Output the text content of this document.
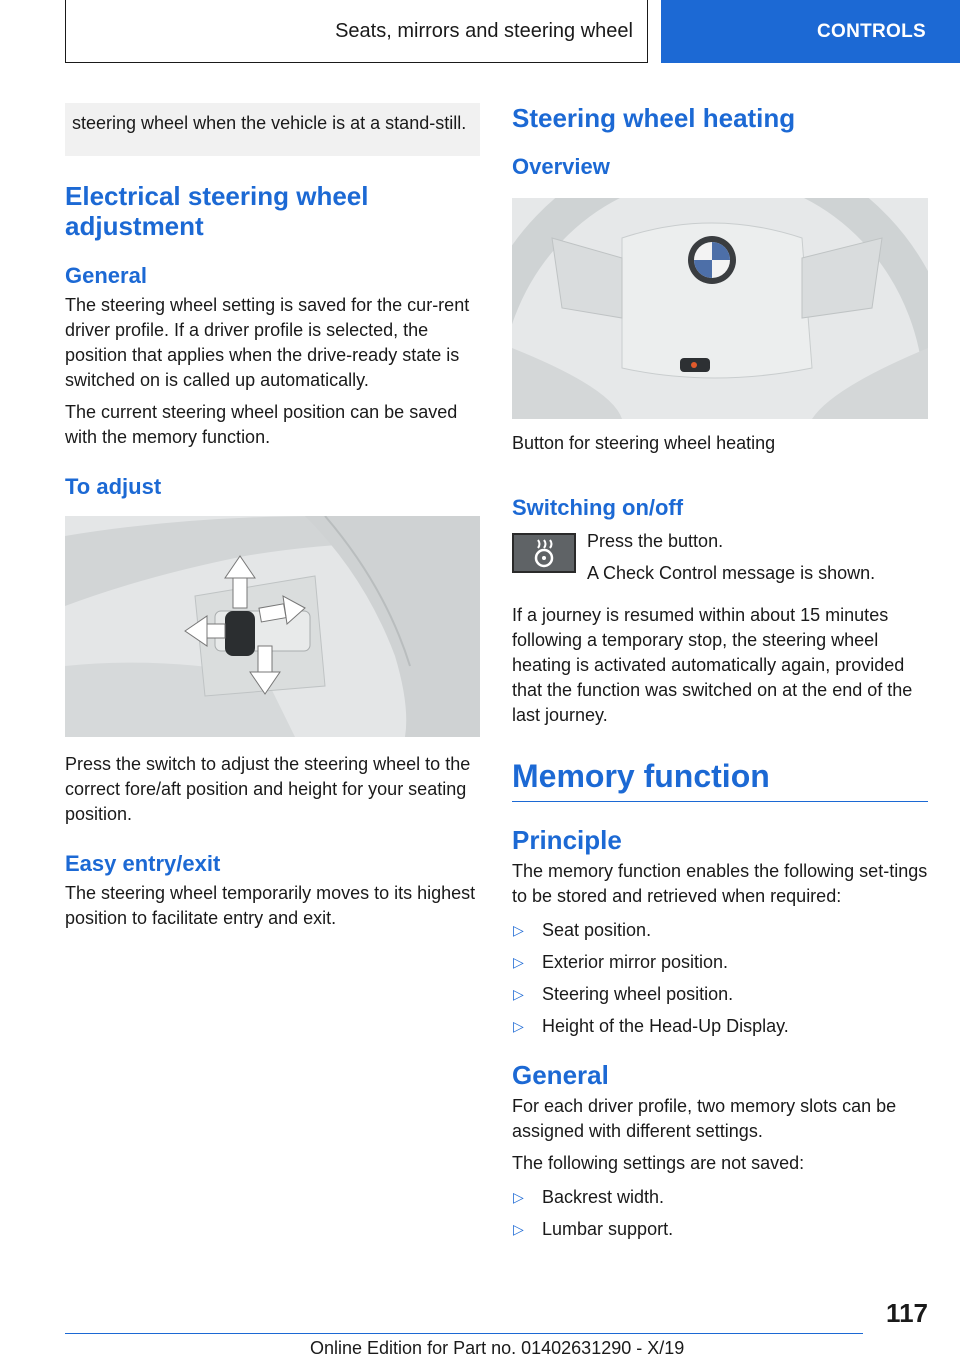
Seats, mirrors and steering wheel	CONTROLS
steering wheel when the vehicle is at a stand-still.
Electrical steering wheel adjustment
General

The steering wheel setting is saved for the cur-rent driver profile. If a driver profile is selected, the position that applies when the drive-ready state is switched on is called up automatically.

The current steering wheel position can be saved with the memory function.

To adjust

Press the switch to adjust the steering wheel to the correct fore/aft position and height for your seating position.

Easy entry/exit

The steering wheel temporarily moves to its highest position to facilitate entry and exit.

Steering wheel heating
Overview

Button for steering wheel heating

Switching on/off

Press the button.

A Check Control message is shown.

If a journey is resumed within about 15 minutes following a temporary stop, the steering wheel heating is activated automatically again, provided that the function was switched on at the end of the last journey.

Memory function
Principle

The memory function enables the following set-tings to be stored and retrieved when required:

▷	Seat position.
▷	Exterior mirror position.
▷	Steering wheel position.
▷	Height of the Head-Up Display.
General

For each driver profile, two memory slots can be assigned with different settings.

The following settings are not saved:

▷	Backrest width.
▷	Lumbar support.
117
Online Edition for Part no. 01402631290 - X/19
